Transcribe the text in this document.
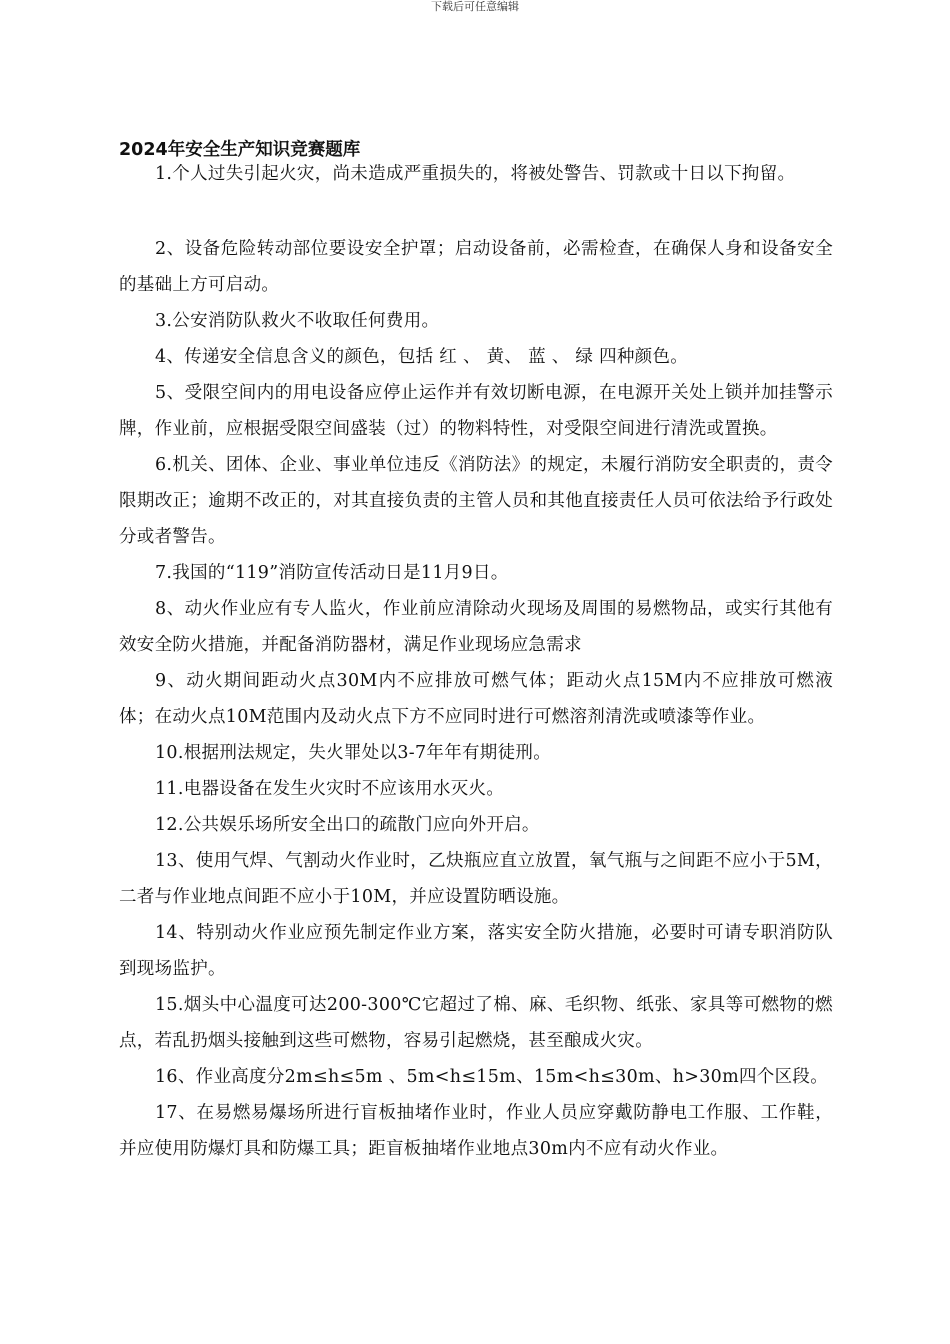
下载后可任意编辑

2024年安全生产知识竞赛题库

1.个人过失引起火灾，尚未造成严重损失的，将被处警告、罚款或十日以下拘留。

2、设备危险转动部位要设安全护罩；启动设备前，必需检查，在确保人身和设备安全的基础上方可启动。

3.公安消防队救火不收取任何费用。

4、传递安全信息含义的颜色，包括 红 、 黄、 蓝 、 绿 四种颜色。

5、受限空间内的用电设备应停止运作并有效切断电源，在电源开关处上锁并加挂警示牌，作业前，应根据受限空间盛装（过）的物料特性，对受限空间进行清洗或置换。

6.机关、团体、企业、事业单位违反《消防法》的规定，未履行消防安全职责的，责令限期改正；逾期不改正的，对其直接负责的主管人员和其他直接责任人员可依法给予行政处分或者警告。

7.我国的“119”消防宣传活动日是11月9日。

8、动火作业应有专人监火，作业前应清除动火现场及周围的易燃物品，或实行其他有效安全防火措施，并配备消防器材，满足作业现场应急需求

9、动火期间距动火点30M内不应排放可燃气体；距动火点15M内不应排放可燃液体；在动火点10M范围内及动火点下方不应同时进行可燃溶剂清洗或喷漆等作业。

10.根据刑法规定，失火罪处以3-7年年有期徒刑。

11.电器设备在发生火灾时不应该用水灭火。

12.公共娱乐场所安全出口的疏散门应向外开启。

13、使用气焊、气割动火作业时，乙炔瓶应直立放置，氧气瓶与之间距不应小于5M，二者与作业地点间距不应小于10M，并应设置防晒设施。

14、特别动火作业应预先制定作业方案，落实安全防火措施，必要时可请专职消防队到现场监护。

15.烟头中心温度可达200-300℃它超过了棉、麻、毛织物、纸张、家具等可燃物的燃点，若乱扔烟头接触到这些可燃物，容易引起燃烧，甚至酿成火灾。

16、作业高度分2m≤h≤5m 、5m<h≤15m、15m<h≤30m、h>30m四个区段。

17、在易燃易爆场所进行盲板抽堵作业时，作业人员应穿戴防静电工作服、工作鞋，并应使用防爆灯具和防爆工具；距盲板抽堵作业地点30m内不应有动火作业。
